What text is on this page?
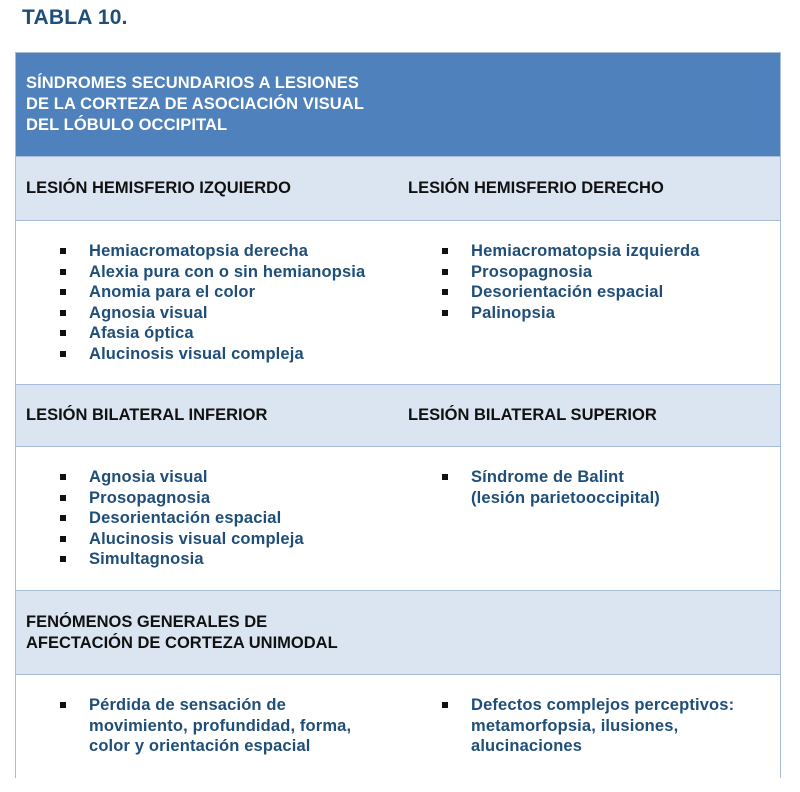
TABLA 10.
SÍNDROMES SECUNDARIOS A LESIONES
DE LA CORTEZA DE ASOCIACIÓN VISUAL
DEL LÓBULO OCCIPITAL
LESIÓN HEMISFERIO IZQUIERDO	LESIÓN HEMISFERIO DERECHO
Hemiacromatopsia derecha
Alexia pura con o sin hemianopsia
Anomia para el color
Agnosia visual
Afasia óptica
Alucinosis visual compleja
Hemiacromatopsia izquierda
Prosopagnosia
Desorientación espacial
Palinopsia
LESIÓN BILATERAL INFERIOR	LESIÓN BILATERAL SUPERIOR
Agnosia visual
Prosopagnosia
Desorientación espacial
Alucinosis visual compleja
Simultagnosia
Síndrome de Balint
(lesión parietooccipital)
FENÓMENOS GENERALES DE
AFECTACIÓN DE CORTEZA UNIMODAL
Pérdida de sensación de
movimiento, profundidad, forma,
color y orientación espacial
Defectos complejos perceptivos:
metamorfopsia, ilusiones,
alucinaciones
